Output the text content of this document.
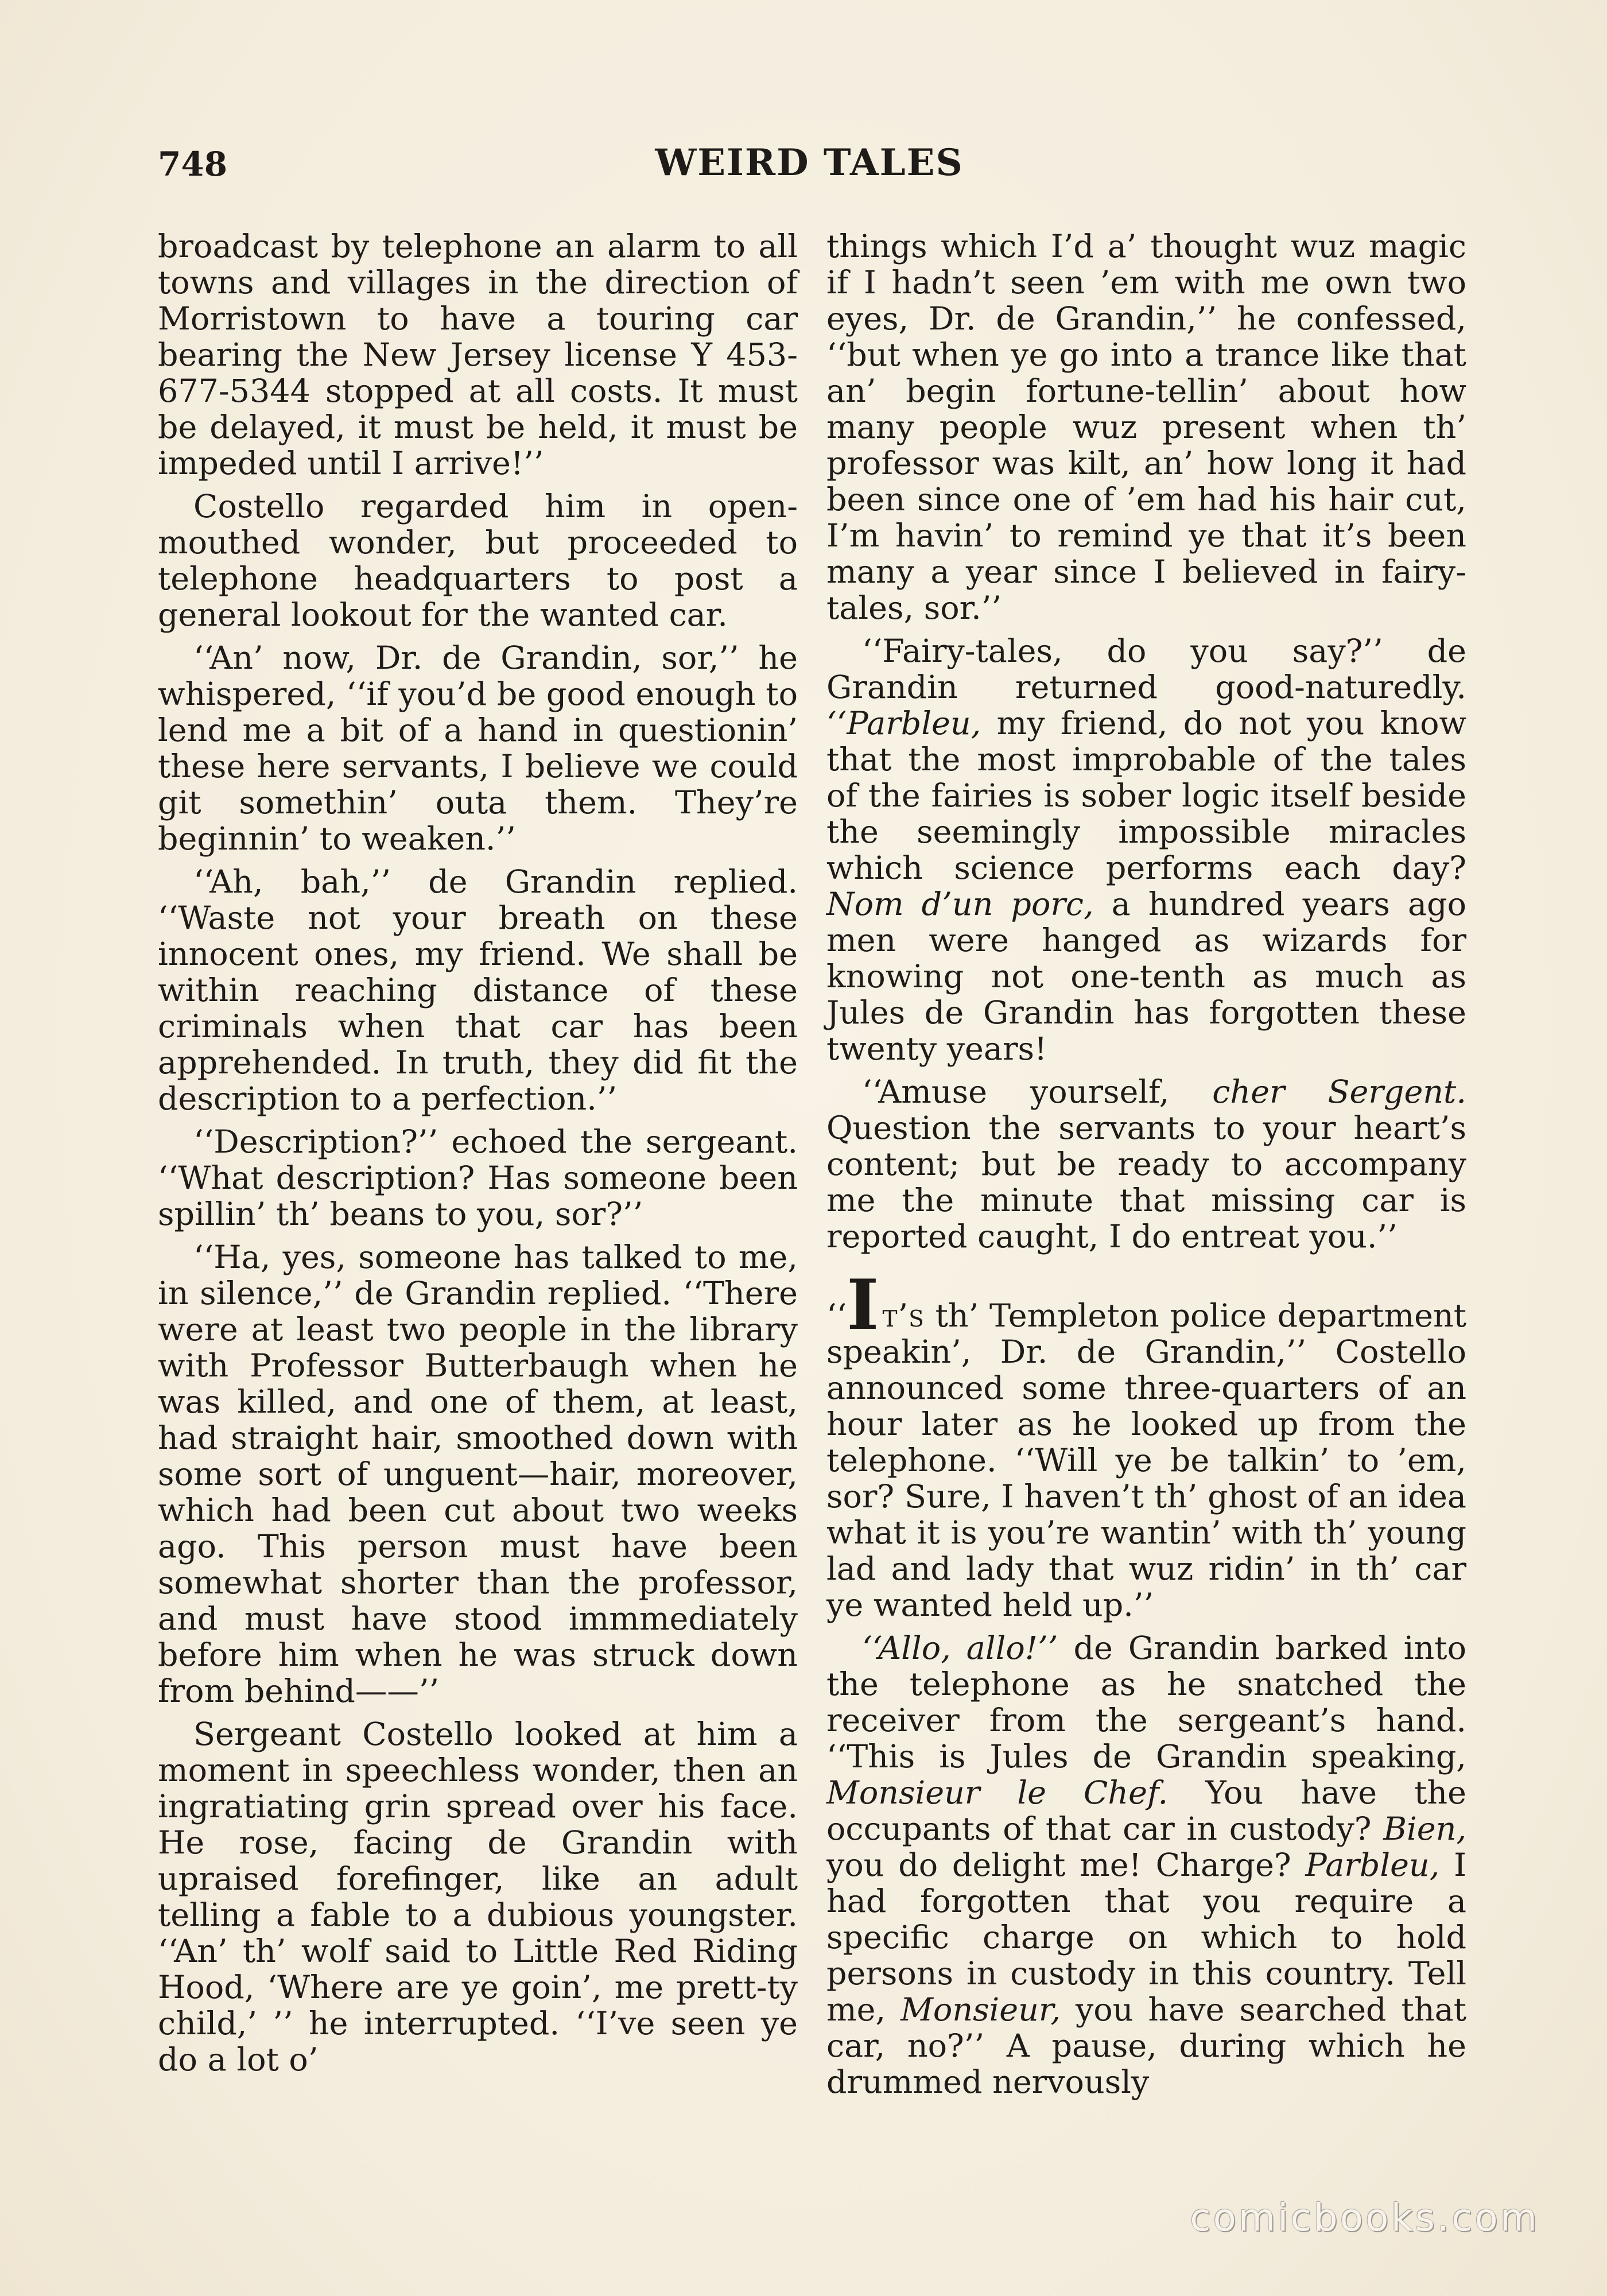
748	WEIRD TALES

broadcast by telephone an alarm to all towns and villages in the direction of Morristown to have a touring car bearing the New Jersey license Y 453-677-5344 stopped at all costs. It must be delayed, it must be held, it must be impeded until I arrive!’’

Costello regarded him in open-mouthed wonder, but proceeded to telephone headquarters to post a general lookout for the wanted car.

‘‘An’ now, Dr. de Grandin, sor,’’ he whispered, ‘‘if you’d be good enough to lend me a bit of a hand in questionin’ these here servants, I believe we could git somethin’ outa them. They’re beginnin’ to weaken.’’

‘‘Ah, bah,’’ de Grandin replied. ‘‘Waste not your breath on these innocent ones, my friend. We shall be within reaching distance of these criminals when that car has been apprehended. In truth, they did fit the description to a perfection.’’

‘‘Description?’’ echoed the sergeant. ‘‘What description? Has someone been spillin’ th’ beans to you, sor?’’

‘‘Ha, yes, someone has talked to me, in silence,’’ de Grandin replied. ‘‘There were at least two people in the library with Professor Butterbaugh when he was killed, and one of them, at least, had straight hair, smoothed down with some sort of unguent—hair, moreover, which had been cut about two weeks ago. This person must have been somewhat shorter than the professor, and must have stood immmediately before him when he was struck down from behind——’’

Sergeant Costello looked at him a moment in speechless wonder, then an ingratiating grin spread over his face. He rose, facing de Grandin with upraised forefinger, like an adult telling a fable to a dubious youngster. ‘‘An’ th’ wolf said to Little Red Riding Hood, ‘Where are ye goin’, me prett-ty child,’ ’’ he interrupted. ‘‘I’ve seen ye do a lot o’

things which I’d a’ thought wuz magic if I hadn’t seen ’em with me own two eyes, Dr. de Grandin,’’ he confessed, ‘‘but when ye go into a trance like that an’ begin fortune-tellin’ about how many people wuz present when th’ professor was kilt, an’ how long it had been since one of ’em had his hair cut, I’m havin’ to remind ye that it’s been many a year since I believed in fairy-tales, sor.’’

‘‘Fairy-tales, do you say?’’ de Grandin returned good-naturedly. ‘‘Parbleu, my friend, do not you know that the most improbable of the tales of the fairies is sober logic itself beside the seemingly impossible miracles which science performs each day? Nom d’un porc, a hundred years ago men were hanged as wizards for knowing not one-tenth as much as Jules de Grandin has forgotten these twenty years!

‘‘Amuse yourself, cher Sergent. Question the servants to your heart’s content; but be ready to accompany me the minute that missing car is reported caught, I do entreat you.’’

‘‘I t’s th’ Templeton police department speakin’, Dr. de Grandin,’’ Costello announced some three-quarters of an hour later as he looked up from the telephone. ‘‘Will ye be talkin’ to ’em, sor? Sure, I haven’t th’ ghost of an idea what it is you’re wantin’ with th’ young lad and lady that wuz ridin’ in th’ car ye wanted held up.’’

‘‘Allo, allo!’’ de Grandin barked into the telephone as he snatched the receiver from the sergeant’s hand. ‘‘This is Jules de Grandin speaking, Monsieur le Chef. You have the occupants of that car in custody? Bien, you do delight me! Charge? Parbleu, I had forgotten that you require a specific charge on which to hold persons in custody in this country. Tell me, Monsieur, you have searched that car, no?’’ A pause, during which he drummed nervously

comicbooks.com
